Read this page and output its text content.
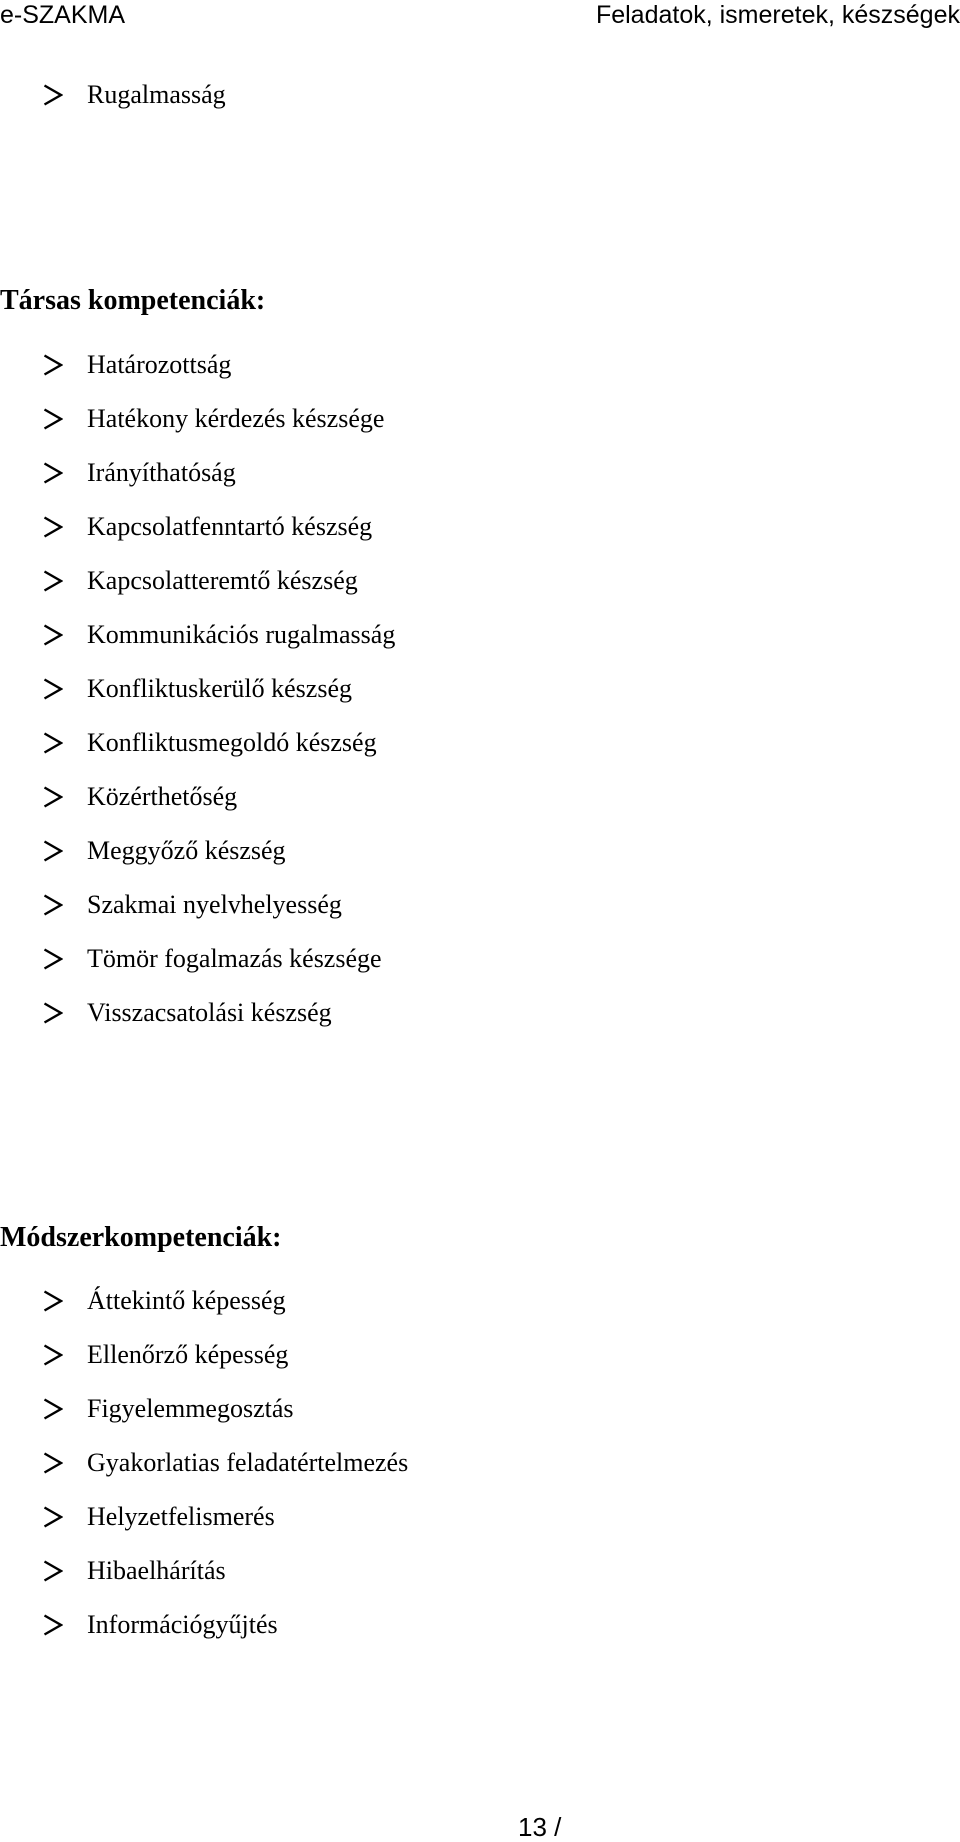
e-SZAKMA	Feladatok, ismeretek, készségek
Rugalmasság
Társas kompetenciák:
Határozottság
Hatékony kérdezés készsége
Irányíthatóság
Kapcsolatfenntartó készség
Kapcsolatteremtő készség
Kommunikációs rugalmasság
Konfliktuskerülő készség
Konfliktusmegoldó készség
Közérthetőség
Meggyőző készség
Szakmai nyelvhelyesség
Tömör fogalmazás készsége
Visszacsatolási készség
Módszerkompetenciák:
Áttekintő képesség
Ellenőrző képesség
Figyelemmegosztás
Gyakorlatias feladatértelmezés
Helyzetfelismerés
Hibaelhárítás
Információgyűjtés
13 /
